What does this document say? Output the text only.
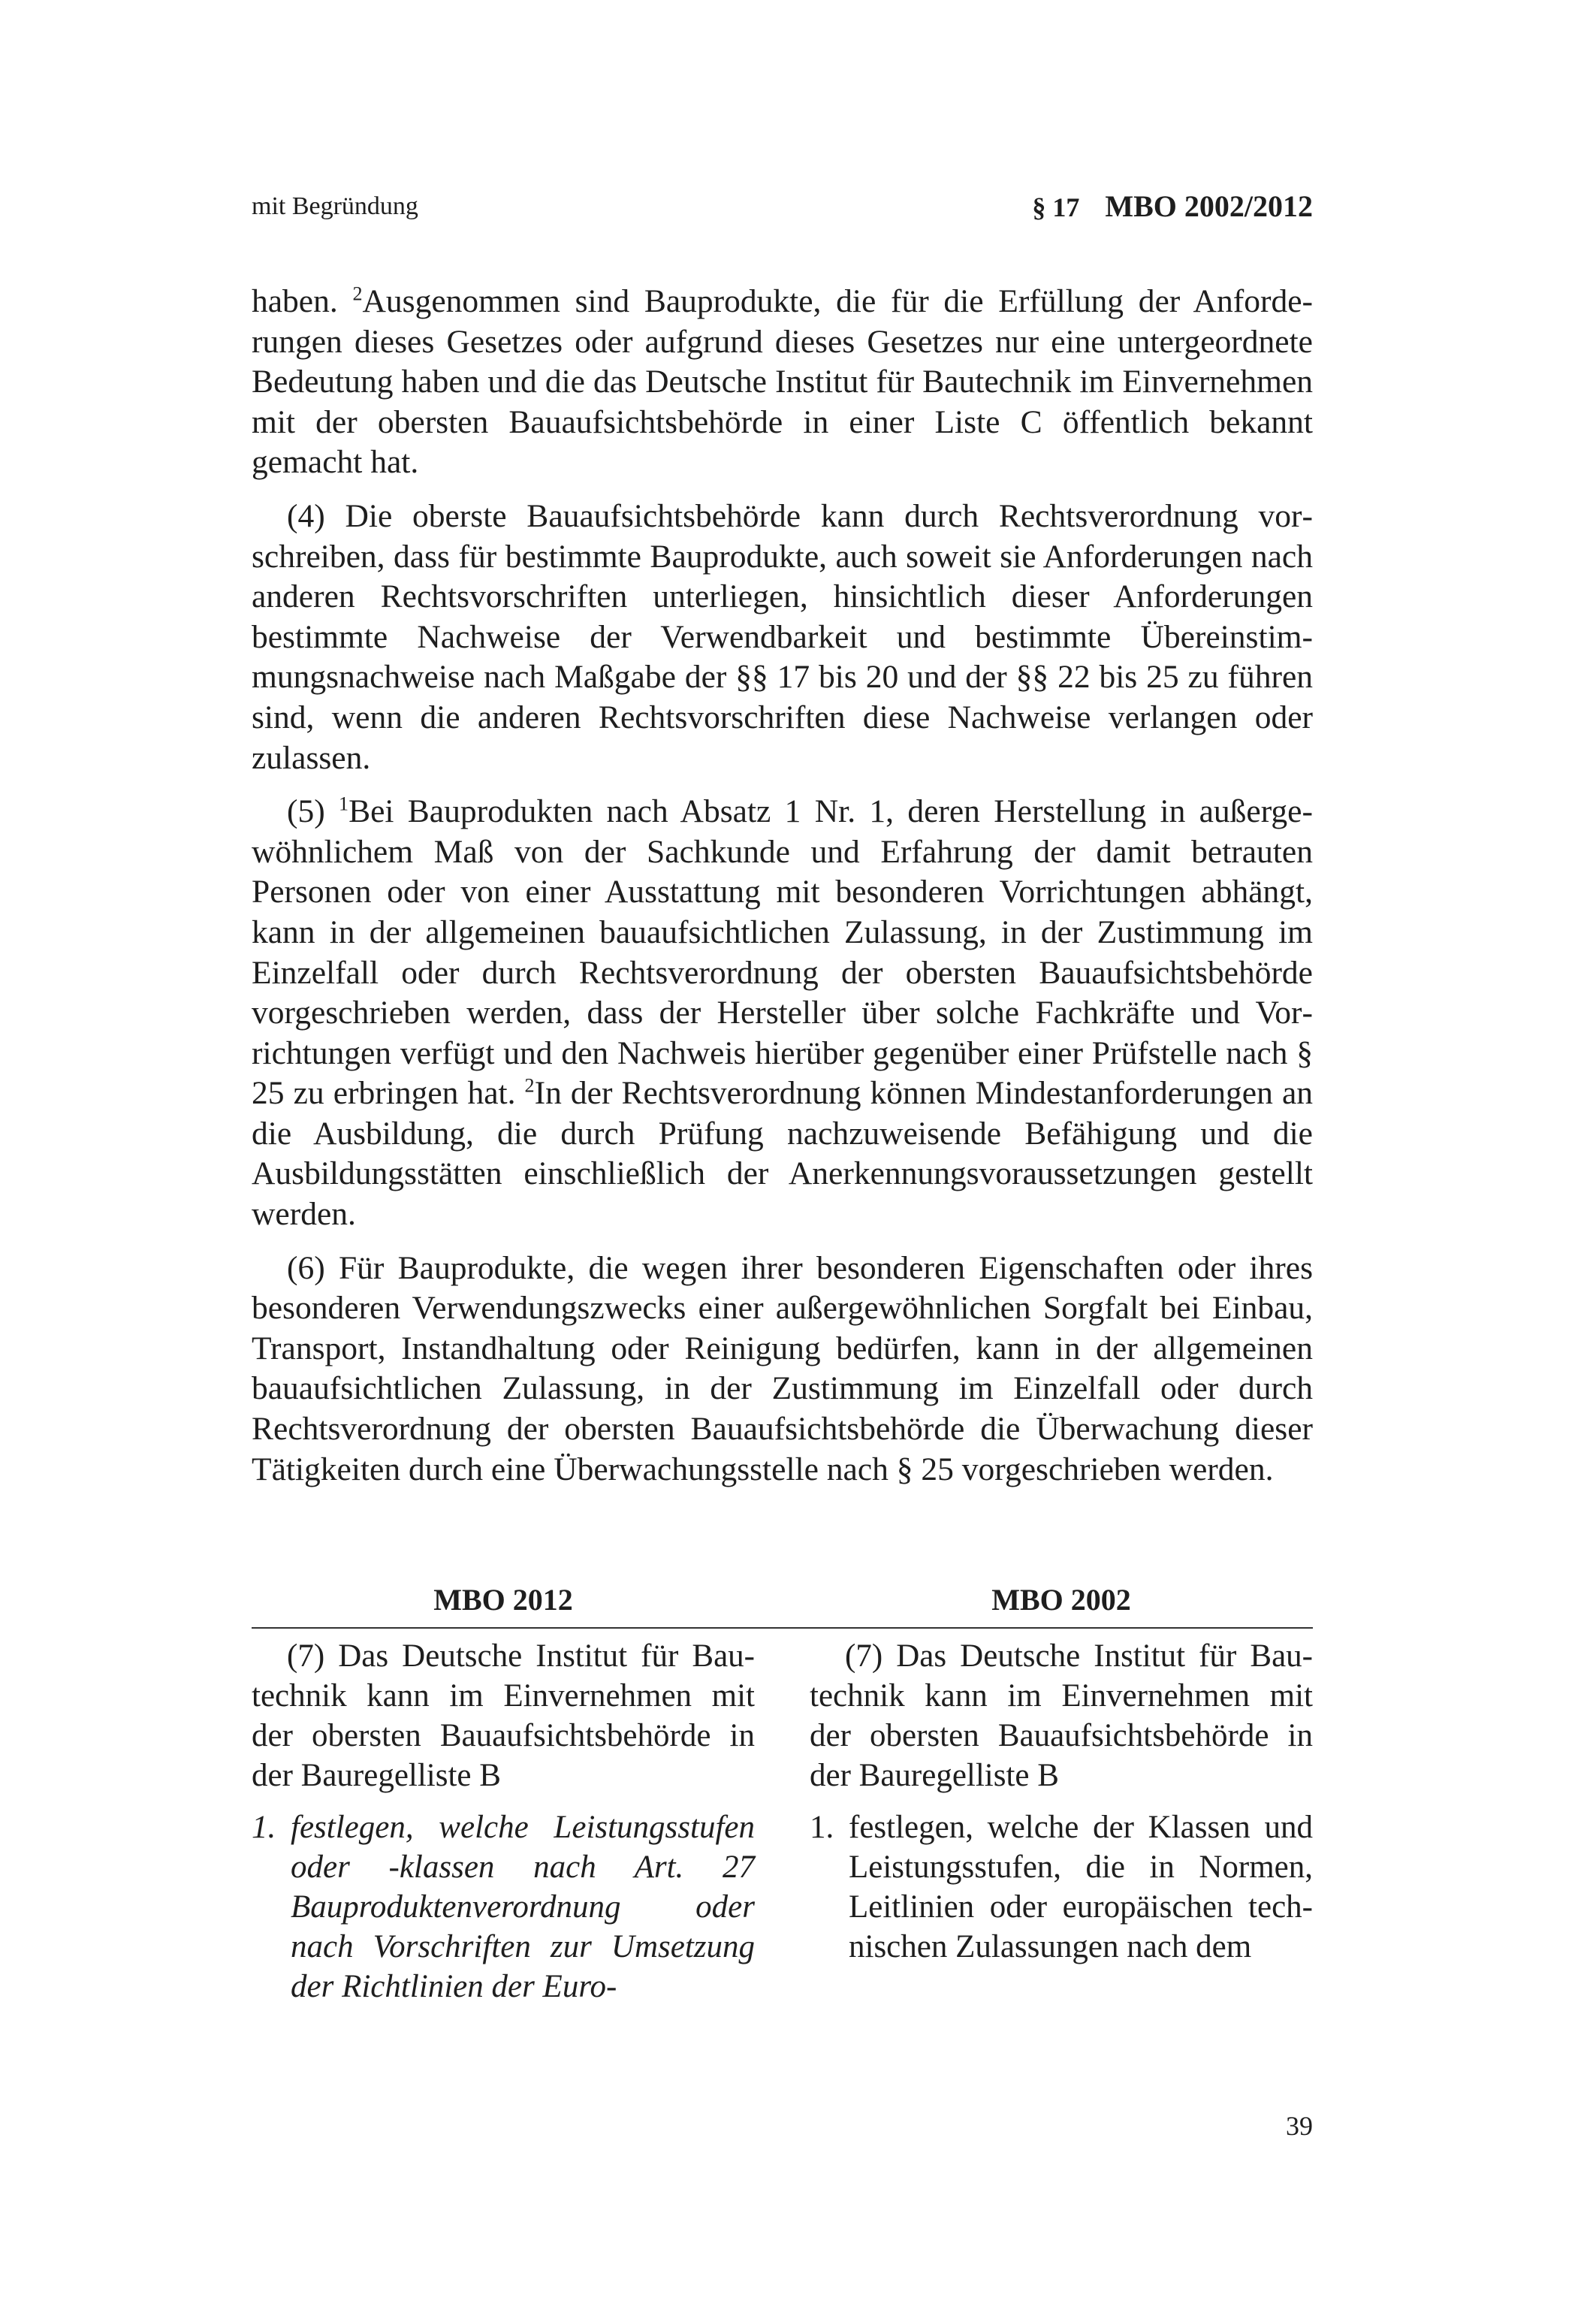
mit Begründung	§ 17 MBO 2002/2012

haben. $^2$Ausgenommen sind Bauprodukte, die für die Erfüllung der Anforderungen dieses Gesetzes oder aufgrund dieses Gesetzes nur eine untergeordnete Bedeutung haben und die das Deutsche Institut für Bautechnik im Einvernehmen mit der obersten Bauaufsichtsbehörde in einer Liste C öffentlich bekannt gemacht hat.

(4) Die oberste Bauaufsichtsbehörde kann durch Rechtsverordnung vorschreiben, dass für bestimmte Bauprodukte, auch soweit sie Anforderungen nach anderen Rechtsvorschriften unterliegen, hinsichtlich dieser Anforderungen bestimmte Nachweise der Verwendbarkeit und bestimmte Übereinstimmungsnachweise nach Maßgabe der §§ 17 bis 20 und der §§ 22 bis 25 zu führen sind, wenn die anderen Rechtsvorschriften diese Nachweise verlangen oder zulassen.

(5) $^1$Bei Bauprodukten nach Absatz 1 Nr. 1, deren Herstellung in außergewöhnlichem Maß von der Sachkunde und Erfahrung der damit betrauten Personen oder von einer Ausstattung mit besonderen Vorrichtungen abhängt, kann in der allgemeinen bauaufsichtlichen Zulassung, in der Zustimmung im Einzelfall oder durch Rechtsverordnung der obersten Bauaufsichtsbehörde vorgeschrieben werden, dass der Hersteller über solche Fachkräfte und Vorrichtungen verfügt und den Nachweis hierüber gegenüber einer Prüfstelle nach § 25 zu erbringen hat. $^2$In der Rechtsverordnung können Mindestanforderungen an die Ausbildung, die durch Prüfung nachzuweisende Befähigung und die Ausbildungsstätten einschließlich der Anerkennungsvoraussetzungen gestellt werden.

(6) Für Bauprodukte, die wegen ihrer besonderen Eigenschaften oder ihres besonderen Verwendungszwecks einer außergewöhnlichen Sorgfalt bei Einbau, Transport, Instandhaltung oder Reinigung bedürfen, kann in der allgemeinen bauaufsichtlichen Zulassung, in der Zustimmung im Einzelfall oder durch Rechtsverordnung der obersten Bauaufsichtsbehörde die Überwachung dieser Tätigkeiten durch eine Überwachungsstelle nach § 25 vorgeschrieben werden.

MBO 2012	MBO 2002

(7) Das Deutsche Institut für Bautechnik kann im Einvernehmen mit der obersten Bauaufsichtsbehörde in der Bauregelliste B

1. festlegen, welche Leistungsstufen oder -klassen nach Art. 27 Bauproduktenverordnung oder nach Vorschriften zur Umsetzung der Richtlinien der Euro-

(7) Das Deutsche Institut für Bautechnik kann im Einvernehmen mit der obersten Bauaufsichtsbehörde in der Bauregelliste B

1. festlegen, welche der Klassen und Leistungsstufen, die in Normen, Leitlinien oder europäischen technischen Zulassungen nach dem
39
